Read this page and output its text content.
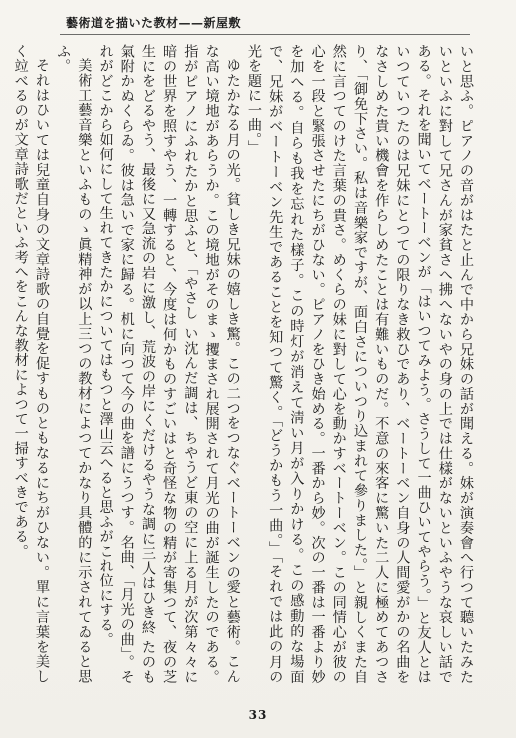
藝術道を描いた教材——新屋敷

いと思ふ。ピアノの音がはたと止んで中から兄妹の話が聞える。妹が演奏會へ行つて聽いたみたいといふに對して兄さんが家貧さへ拂へないやの身の上では仕樣がないといふやうな哀しい話である。それを聞いてベートーベンが「はいつてみよう。さうして一曲ひいてやらう。」と友人とはいつていつたのは兄妹にとつての限りなき救ひであり、ベートーベン自身の人間愛がかの名曲をなさしめた貴い機會を作らしめたことは有難いものだ。不意の來客に驚いた二人に極めてあつさり、「御免下さい。私は音樂家ですが、面白さについつり込まれて參りました。」と親しくまた自然に言つてのけた言葉の貴さ。めくらの妹に對して心を動かすベートーベン。この同情心が彼の心を一段と緊張させたにちがひない。ピアノをひき始める。一番から妙。次の一番は一番より妙を加へる。自らも我を忘れた樣子。この時灯が消えて淸い月が入りかける。この感動的な場面で、兄妹がベートーベン先生であることを知つて驚く。「どうかもう一曲。」「それでは此の月の光を題に一曲。」

ゆたかなる月の光。貧しき兄妹の嬉しき驚。この二つをつなぐベートーベンの愛と藝術。こんな高い境地があらうか。この境地がそのまゝ攫まされ展開されて月光の曲が誕生したのである。指がピアノにふれたかと思ふと、「やさし い沈んだ調は、ちやうど東の空に上る月が次第々々に暗の世界を照すやう、一轉すると、今度は何かものすごいはと奇怪な物の精が寄集つて、夜の芝生にをどるやう、最後に又急流の岩に激し、荒波の岸にくだけるやうな調に三人はひき終 たのも氣附かぬくらゐ。彼は急いで家に歸る。机に向つて今の曲を譜にうつす。名曲、「月光の曲」。それがどこから如何にして生れてきたかについてはもつと澤山云へると思ふがこれ位にする。

美術工藝音樂といふものゝ眞精神が以上三つの教材によつてかなり具體的に示されてゐると思ふ。

それはひいては兒童自身の文章詩歌の自覺を促すものともなるにちがひない。單に言葉を美しく竝べるのが文章詩歌だといふ考へをこんな教材によつて一掃すべきである。

33
